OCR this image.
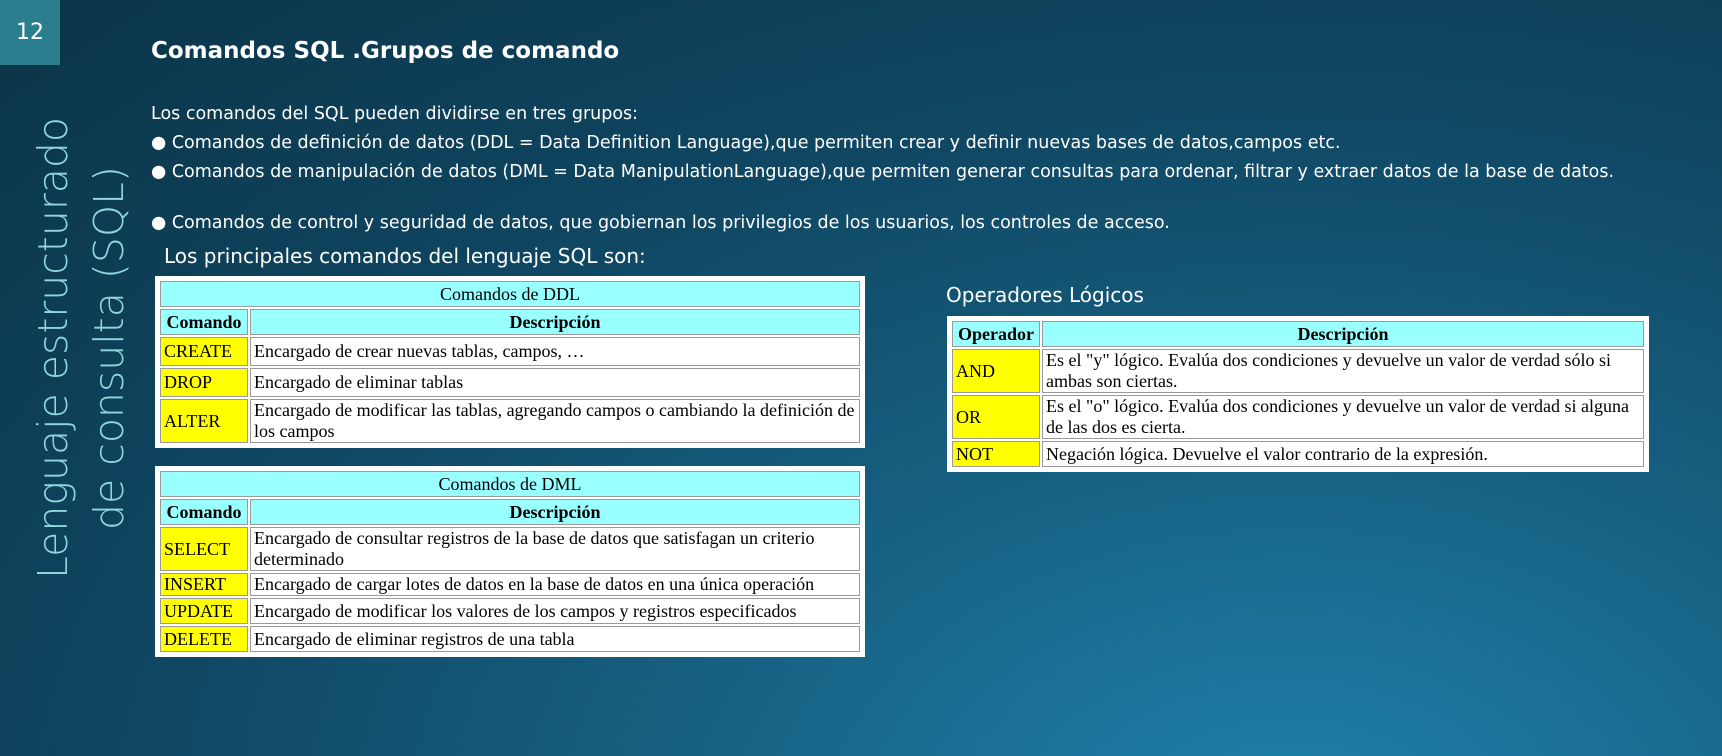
12
Lenguaje estructurado de consulta (SQL)
Comandos SQL .Grupos de comando
Los comandos del SQL pueden dividirse en tres grupos:
● Comandos de definición de datos (DDL = Data Definition Language),que permiten crear y definir nuevas bases de datos,campos etc.
● Comandos de manipulación de datos (DML = Data ManipulationLanguage),que permiten generar consultas para ordenar, filtrar y extraer datos de la base de datos.
● Comandos de control y seguridad de datos, que gobiernan los privilegios de los usuarios, los controles de acceso.
Los principales comandos del lenguaje SQL son:
Operadores Lógicos
Comandos de DDL	
Comando	Descripción
CREATE	Encargado de crear nuevas tablas, campos, …
DROP	Encargado de eliminar tablas
ALTER	Encargado de modificar las tablas, agregando campos o cambiando la definición de los campos
Comandos de DML	
Comando	Descripción
SELECT	Encargado de consultar registros de la base de datos que satisfagan un criterio determinado
INSERT	Encargado de cargar lotes de datos en la base de datos en una única operación
UPDATE	Encargado de modificar los valores de los campos y registros especificados
DELETE	Encargado de eliminar registros de una tabla
Operador	Descripción
AND	Es el "y" lógico. Evalúa dos condiciones y devuelve un valor de verdad sólo si ambas son ciertas.
OR	Es el "o" lógico. Evalúa dos condiciones y devuelve un valor de verdad si alguna de las dos es cierta.
NOT	Negación lógica. Devuelve el valor contrario de la expresión.
